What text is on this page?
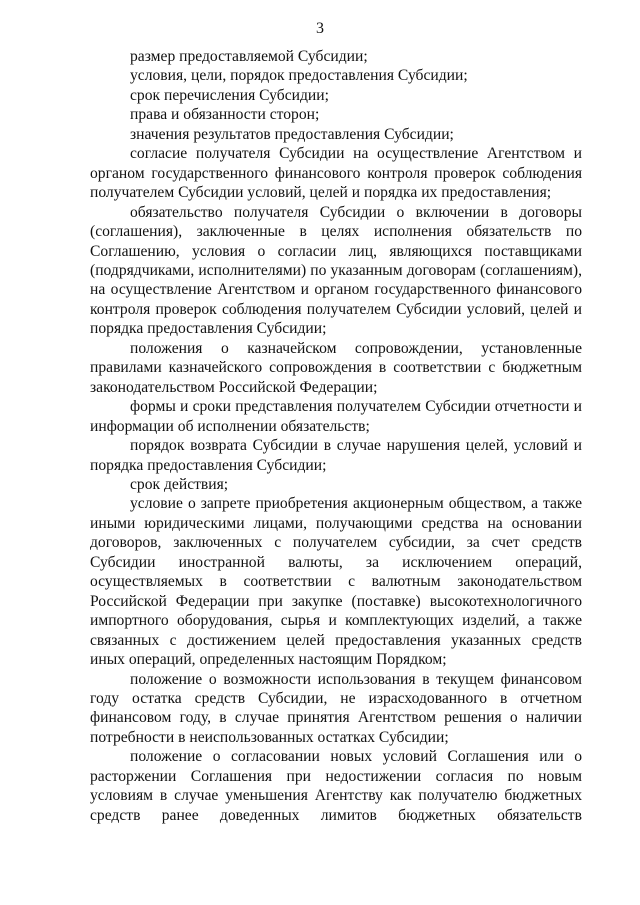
3

размер предоставляемой Субсидии;

условия, цели, порядок предоставления Субсидии;

срок перечисления Субсидии;

права и обязанности сторон;

значения результатов предоставления Субсидии;

согласие получателя Субсидии на осуществление Агентством и органом государственного финансового контроля проверок соблюдения получателем Субсидии условий, целей и порядка их предоставления;

обязательство получателя Субсидии о включении в договоры (соглашения), заключенные в целях исполнения обязательств по Соглашению, условия о согласии лиц, являющихся поставщиками (подрядчиками, исполнителями) по указанным договорам (соглашениям), на осуществление Агентством и органом государственного финансового контроля проверок соблюдения получателем Субсидии условий, целей и порядка предоставления Субсидии;

положения о казначейском сопровождении, установленные правилами казначейского сопровождения в соответствии с бюджетным законодательством Российской Федерации;

формы и сроки представления получателем Субсидии отчетности и информации об исполнении обязательств;

порядок возврата Субсидии в случае нарушения целей, условий и порядка предоставления Субсидии;

срок действия;

условие о запрете приобретения акционерным обществом, а также иными юридическими лицами, получающими средства на основании договоров, заключенных с получателем субсидии, за счет средств Субсидии иностранной валюты, за исключением операций, осуществляемых в соответствии с валютным законодательством Российской Федерации при закупке (поставке) высокотехнологичного импортного оборудования, сырья и комплектующих изделий, а также связанных с достижением целей предоставления указанных средств иных операций, определенных настоящим Порядком;

положение о возможности использования в текущем финансовом году остатка средств Субсидии, не израсходованного в отчетном финансовом году, в случае принятия Агентством решения о наличии потребности в неиспользованных остатках Субсидии;

положение о согласовании новых условий Соглашения или о расторжении Соглашения при недостижении согласия по новым условиям в случае уменьшения Агентству как получателю бюджетных средств ранее доведенных лимитов бюджетных обязательств
